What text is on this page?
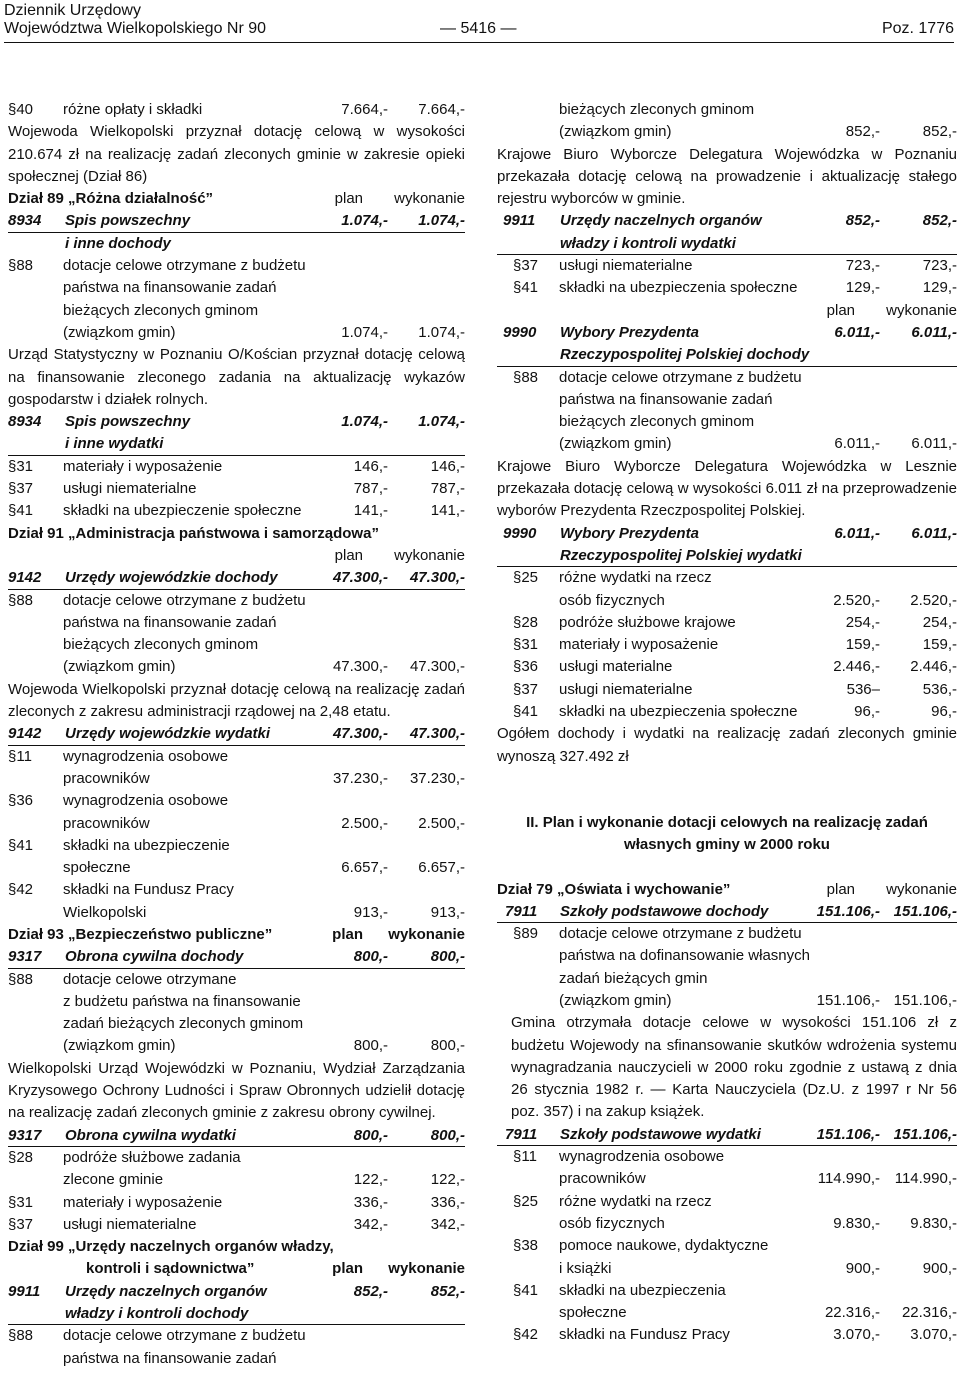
Dziennik Urzędowy
Województwa Wielkopolskiego Nr 90	— 5416 —	Poz. 1776
§40 różne opłaty i składki	7.664,- 7.664,-
Wojewoda Wielkopolski przyznał dotację celową w wysokości 210.674 zł na realizację zadań zleconych gminie w zakresie opieki społecznej (Dział 86)
Dział 89 „Różna działalność”	plan wykonanie
8934 Spis powszechny	1.074,- 1.074,-
i inne dochody
§88 dotacje celowe otrzymane z budżetu
państwa na finansowanie zadań
bieżących zleconych gminom
(związkom gmin)	1.074,- 1.074,-
Urząd Statystyczny w Poznaniu O/Kościan przyznał dotację celową na finansowanie zleconego zadania na aktualizację wykazów gospodarstw i działek rolnych.
8934 Spis powszechny	1.074,- 1.074,-
i inne wydatki
§31 materiały i wyposażenie	146,-	146,-
§37 usługi niematerialne	787,-	787,-
§41 składki na ubezpieczenie społeczne	141,-	141,-
Dział 91 „Administracja państwowa i samorządowa”
plan wykonanie
9142 Urzędy wojewódzkie dochody	47.300,- 47.300,-
§88 dotacje celowe otrzymane z budżetu
państwa na finansowanie zadań
bieżących zleconych gminom
(związkom gmin)	47.300,- 47.300,-
Wojewoda Wielkopolski przyznał dotację celową na realizację zadań zleconych z zakresu administracji rządowej na 2,48 etatu.
9142 Urzędy wojewódzkie wydatki	47.300,- 47.300,-
§11 wynagrodzenia osobowe
pracowników	37.230,- 37.230,-
§36 wynagrodzenia osobowe
pracowników	2.500,- 2.500,-
§41 składki na ubezpieczenie
społeczne	6.657,- 6.657,-
§42 składki na Fundusz Pracy
Wielkopolski	913,-	913,-
Dział 93 „Bezpieczeństwo publiczne”	plan wykonanie
9317 Obrona cywilna dochody	800,-	800,-
§88 dotacje celowe otrzymane
z budżetu państwa na finansowanie
zadań bieżących zleconych gminom
(związkom gmin)	800,-	800,-
Wielkopolski Urząd Wojewódzki w Poznaniu, Wydział Zarządzania Kryzysowego Ochrony Ludności i Spraw Obronnych udzielił dotację na realizację zadań zleconych gminie z zakresu obrony cywilnej.
9317 Obrona cywilna wydatki	800,-	800,-
§28 podróże służbowe zadania
zlecone gminie	122,-	122,-
§31 materiały i wyposażenie	336,-	336,-
§37 usługi niematerialne	342,-	342,-
Dział 99 „Urzędy naczelnych organów władzy,
kontroli i sądownictwa”	plan wykonanie
9911 Urzędy naczelnych organów	852,-	852,-
władzy i kontroli dochody
§88 dotacje celowe otrzymane z budżetu
państwa na finansowanie zadań
bieżących zleconych gminom
(związkom gmin)	852,-	852,-
Krajowe Biuro Wyborcze Delegatura Wojewódzka w Poznaniu przekazała dotację celową na prowadzenie i aktualizację stałego rejestru wyborców w gminie.
9911 Urzędy naczelnych organów	852,-	852,-
władzy i kontroli wydatki
§37 usługi niematerialne	723,-	723,-
§41 składki na ubezpieczenia społeczne	129,-	129,-
plan wykonanie
9990 Wybory Prezydenta	6.011,- 6.011,-
Rzeczypospolitej Polskiej dochody
§88 dotacje celowe otrzymane z budżetu
państwa na finansowanie zadań
bieżących zleconych gminom
(związkom gmin)	6.011,- 6.011,-
Krajowe Biuro Wyborcze Delegatura Wojewódzka w Lesznie przekazała dotację celową w wysokości 6.011 zł na przeprowadzenie wyborów Prezydenta Rzeczpospolitej Polskiej.
9990 Wybory Prezydenta	6.011,- 6.011,-
Rzeczypospolitej Polskiej wydatki
§25 różne wydatki na rzecz
osób fizycznych	2.520,- 2.520,-
§28 podróże służbowe krajowe	254,-	254,-
§31 materiały i wyposażenie	159,-	159,-
§36 usługi materialne	2.446,- 2.446,-
§37 usługi niematerialne	536–	536,-
§41 składki na ubezpieczenia społeczne	96,-	96,-
Ogółem dochody i wydatki na realizację zadań zleconych gminie wynoszą 327.492 zł
II. Plan i wykonanie dotacji celowych na realizację zadań
własnych gminy w 2000 roku
Dział 79 „Oświata i wychowanie”	plan wykonanie
7911 Szkoły podstawowe dochody	151.106,- 151.106,-
§89 dotacje celowe otrzymane z budżetu
państwa na dofinansowanie własnych
zadań bieżących gmin
(związkom gmin)	151.106,- 151.106,-
Gmina otrzymała dotacje celowe w wysokości 151.106 zł z budżetu Wojewody na sfinansowanie skutków wdrożenia systemu wynagradzania nauczycieli w 2000 roku zgodnie z ustawą z dnia 26 stycznia 1982 r. — Karta Nauczyciela (Dz.U. z 1997 r Nr 56 poz. 357) i na zakup książek.
7911 Szkoły podstawowe wydatki	151.106,- 151.106,-
§11 wynagrodzenia osobowe
pracowników	114.990,- 114.990,-
§25 różne wydatki na rzecz
osób fizycznych	9.830,- 9.830,-
§38 pomoce naukowe, dydaktyczne
i książki	900,-	900,-
§41 składki na ubezpieczenia
społeczne	22.316,- 22.316,-
§42 składki na Fundusz Pracy	3.070,- 3.070,-
